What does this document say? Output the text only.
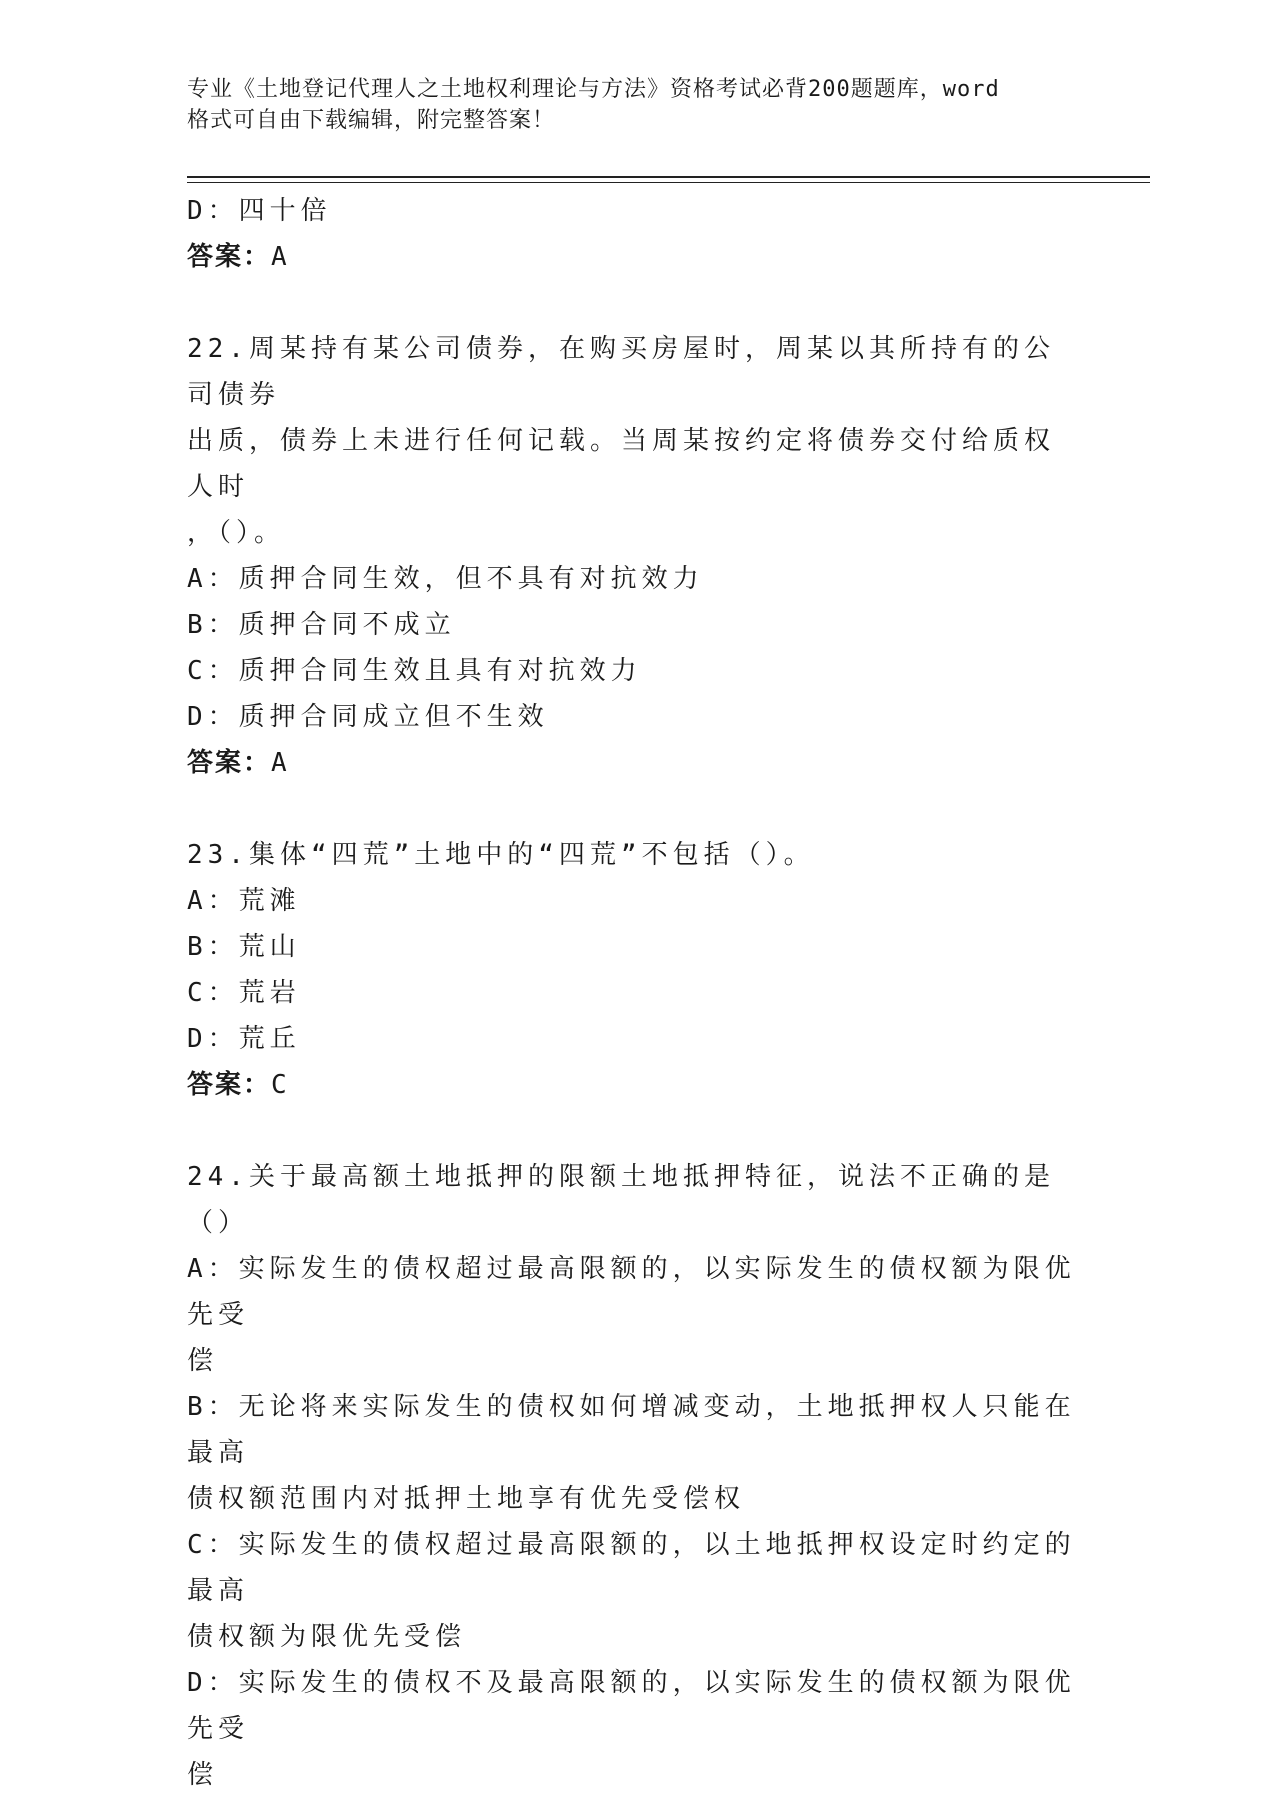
专业《土地登记代理人之土地权利理论与方法》资格考试必背200题题库，word
格式可自由下载编辑，附完整答案！

D：四十倍

答案：A

22.周某持有某公司债券，在购买房屋时，周某以其所持有的公司债券

出质，债券上未进行任何记载。当周某按约定将债券交付给质权人时

，（）。

A：质押合同生效，但不具有对抗效力

B：质押合同不成立

C：质押合同生效且具有对抗效力

D：质押合同成立但不生效

答案：A

23.集体“四荒”土地中的“四荒”不包括（）。

A：荒滩

B：荒山

C：荒岩

D：荒丘

答案：C

24.关于最高额土地抵押的限额土地抵押特征，说法不正确的是（）

A：实际发生的债权超过最高限额的，以实际发生的债权额为限优先受

偿

B：无论将来实际发生的债权如何增减变动，土地抵押权人只能在最高

债权额范围内对抵押土地享有优先受偿权

C：实际发生的债权超过最高限额的，以土地抵押权设定时约定的最高

债权额为限优先受偿

D：实际发生的债权不及最高限额的，以实际发生的债权额为限优先受

偿
